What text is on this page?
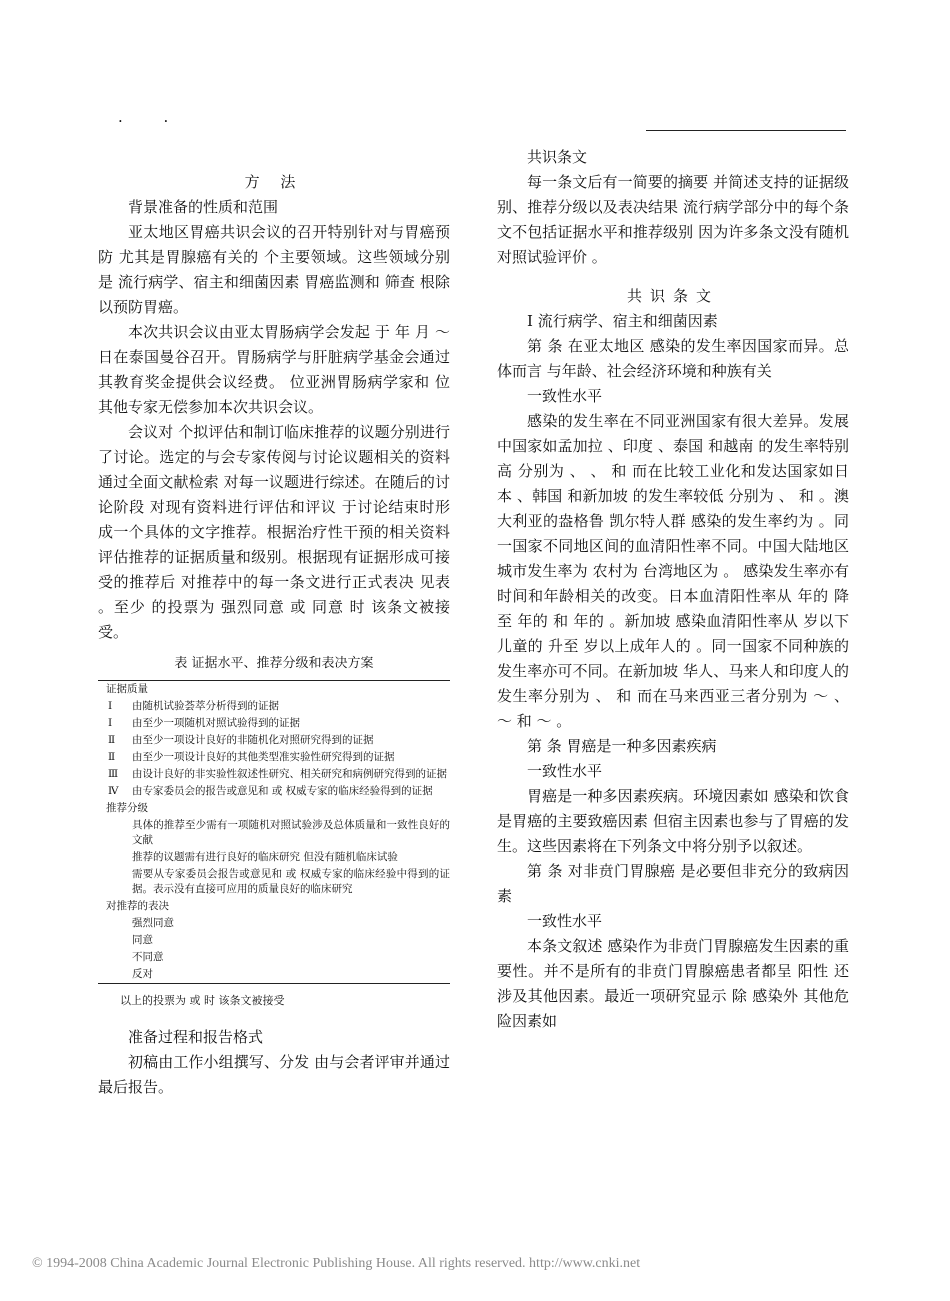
· ·

方 法

背景准备的性质和范围

亚太地区胃癌共识会议的召开特别针对与胃癌预防 尤其是胃腺癌有关的 个主要领域。这些领域分别是 流行病学、宿主和细菌因素 胃癌监测和 筛查 根除 以预防胃癌。

本次共识会议由亚太胃肠病学会发起 于 年 月 ～ 日在泰国曼谷召开。胃肠病学与肝脏病学基金会通过其教育奖金提供会议经费。 位亚洲胃肠病学家和 位其他专家无偿参加本次共识会议。

会议对 个拟评估和制订临床推荐的议题分别进行了讨论。选定的与会专家传阅与讨论议题相关的资料 通过全面文献检索 对每一议题进行综述。在随后的讨论阶段 对现有资料进行评估和评议 于讨论结束时形成一个具体的文字推荐。根据治疗性干预的相关资料 评估推荐的证据质量和级别。根据现有证据形成可接受的推荐后 对推荐中的每一条文进行正式表决 见表 。至少 的投票为 强烈同意 或 同意 时 该条文被接受。

表 证据水平、推荐分级和表决方案
证据质量	
Ⅰ	由随机试验荟萃分析得到的证据
Ⅰ	由至少一项随机对照试验得到的证据
Ⅱ	由至少一项设计良好的非随机化对照研究得到的证据
Ⅱ	由至少一项设计良好的其他类型准实验性研究得到的证据
Ⅲ	由设计良好的非实验性叙述性研究、相关研究和病例研究得到的证据
Ⅳ	由专家委员会的报告或意见和 或 权威专家的临床经验得到的证据
推荐分级	
具体的推荐至少需有一项随机对照试验涉及总体质量和一致性良好的文献	
推荐的议题需有进行良好的临床研究 但没有随机临床试验	
需要从专家委员会报告或意见和 或 权威专家的临床经验中得到的证据。表示没有直接可应用的质量良好的临床研究	
对推荐的表决	
强烈同意	
同意	
不同意	
反对	
以上的投票为 或 时 该条文被接受

准备过程和报告格式

初稿由工作小组撰写、分发 由与会者评审并通过最后报告。

共识条文

每一条文后有一简要的摘要 并简述支持的证据级别、推荐分级以及表决结果 流行病学部分中的每个条文不包括证据水平和推荐级别 因为许多条文没有随机对照试验评价 。

共识条文

Ⅰ 流行病学、宿主和细菌因素

第 条 在亚太地区 感染的发生率因国家而异。总体而言 与年龄、社会经济环境和种族有关

一致性水平

感染的发生率在不同亚洲国家有很大差异。发展中国家如孟加拉 、印度 、泰国 和越南 的发生率特别高 分别为 、 、 和 而在比较工业化和发达国家如日本 、韩国 和新加坡 的发生率较低 分别为 、 和 。澳大利亚的盎格鲁 凯尔特人群 感染的发生率约为 。同一国家不同地区间的血清阳性率不同。中国大陆地区城市发生率为 农村为 台湾地区为 。 感染发生率亦有时间和年龄相关的改变。日本血清阳性率从 年的 降至 年的 和 年的 。新加坡 感染血清阳性率从 岁以下儿童的 升至 岁以上成年人的 。同一国家不同种族的发生率亦可不同。在新加坡 华人、马来人和印度人的发生率分别为 、 和 而在马来西亚三者分别为 ～ 、 ～ 和 ～ 。

第 条 胃癌是一种多因素疾病

一致性水平

胃癌是一种多因素疾病。环境因素如 感染和饮食是胃癌的主要致癌因素 但宿主因素也参与了胃癌的发生。这些因素将在下列条文中将分别予以叙述。

第 条 对非贲门胃腺癌 是必要但非充分的致病因素

一致性水平

本条文叙述 感染作为非贲门胃腺癌发生因素的重要性。并不是所有的非贲门胃腺癌患者都呈 阳性 还涉及其他因素。最近一项研究显示 除 感染外 其他危险因素如

© 1994-2008 China Academic Journal Electronic Publishing House. All rights reserved. http://www.cnki.net
